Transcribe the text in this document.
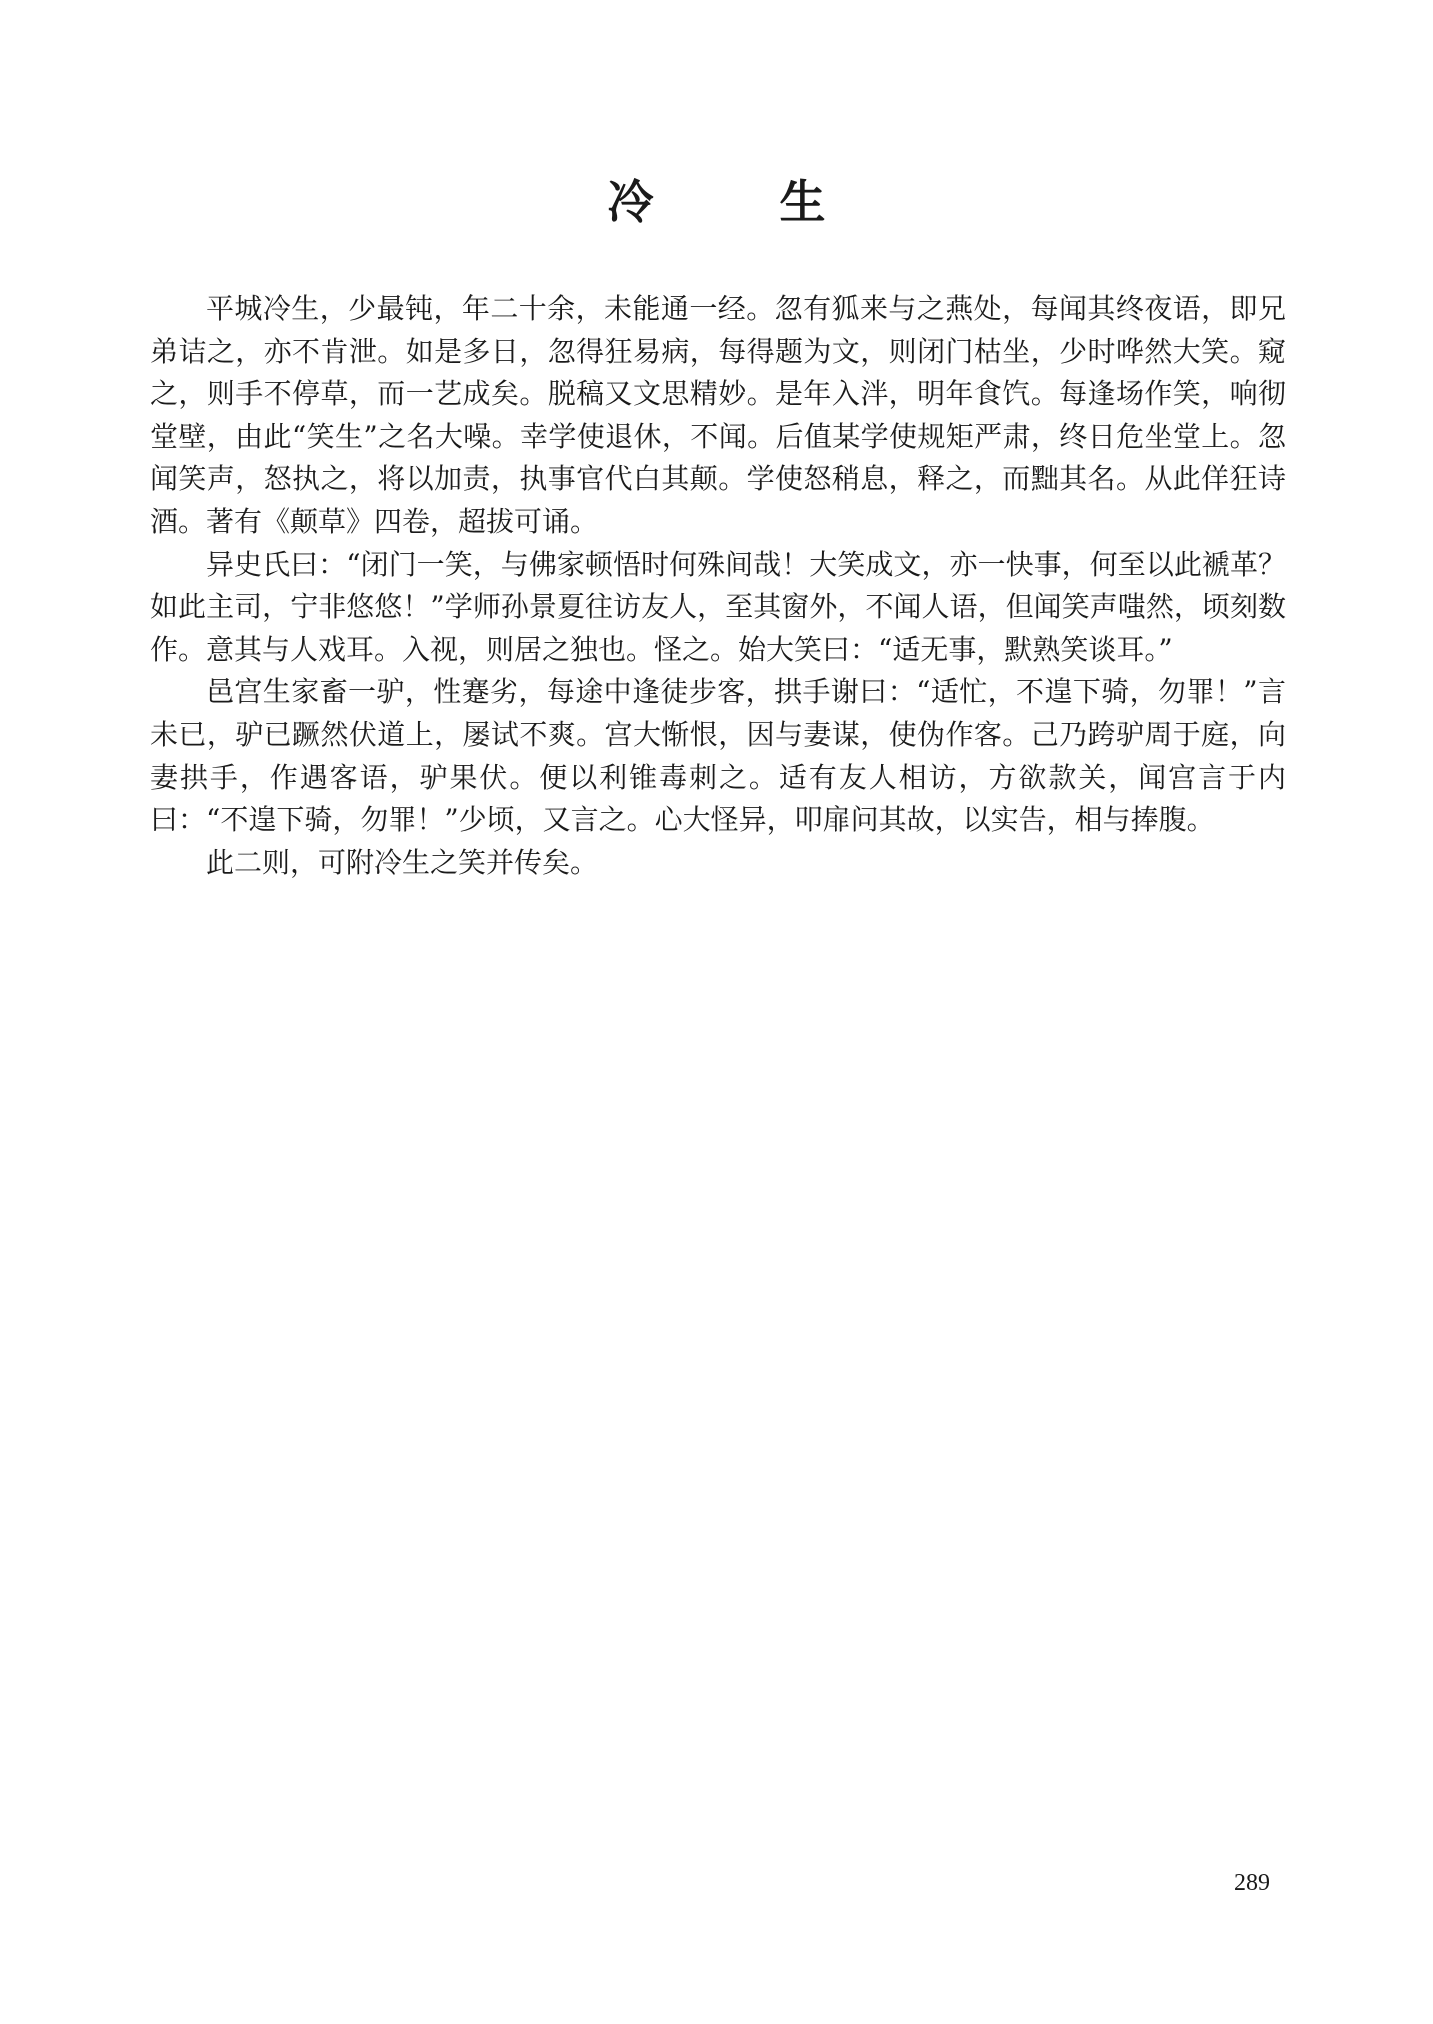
冷　生

平城冷生，少最钝，年二十余，未能通一经。忽有狐来与之燕处，每闻其终夜语，即兄弟诘之，亦不肯泄。如是多日，忽得狂易病，每得题为文，则闭门枯坐，少时哗然大笑。窥之，则手不停草，而一艺成矣。脱稿又文思精妙。是年入泮，明年食饩。每逢场作笑，响彻堂壁，由此“笑生”之名大噪。幸学使退休，不闻。后值某学使规矩严肃，终日危坐堂上。忽闻笑声，怒执之，将以加责，执事官代白其颠。学使怒稍息，释之，而黜其名。从此佯狂诗酒。著有《颠草》四卷，超拔可诵。

异史氏曰：“闭门一笑，与佛家顿悟时何殊间哉！大笑成文，亦一快事，何至以此褫革？如此主司，宁非悠悠！”学师孙景夏往访友人，至其窗外，不闻人语，但闻笑声嗤然，顷刻数作。意其与人戏耳。入视，则居之独也。怪之。始大笑曰：“适无事，默熟笑谈耳。”

邑宫生家畜一驴，性蹇劣，每途中逢徒步客，拱手谢曰：“适忙，不遑下骑，勿罪！”言未已，驴已蹶然伏道上，屡试不爽。宫大惭恨，因与妻谋，使伪作客。己乃跨驴周于庭，向妻拱手，作遇客语，驴果伏。便以利锥毒刺之。适有友人相访，方欲款关，闻宫言于内曰：“不遑下骑，勿罪！”少顷，又言之。心大怪异，叩扉问其故，以实告，相与捧腹。

此二则，可附冷生之笑并传矣。

289
